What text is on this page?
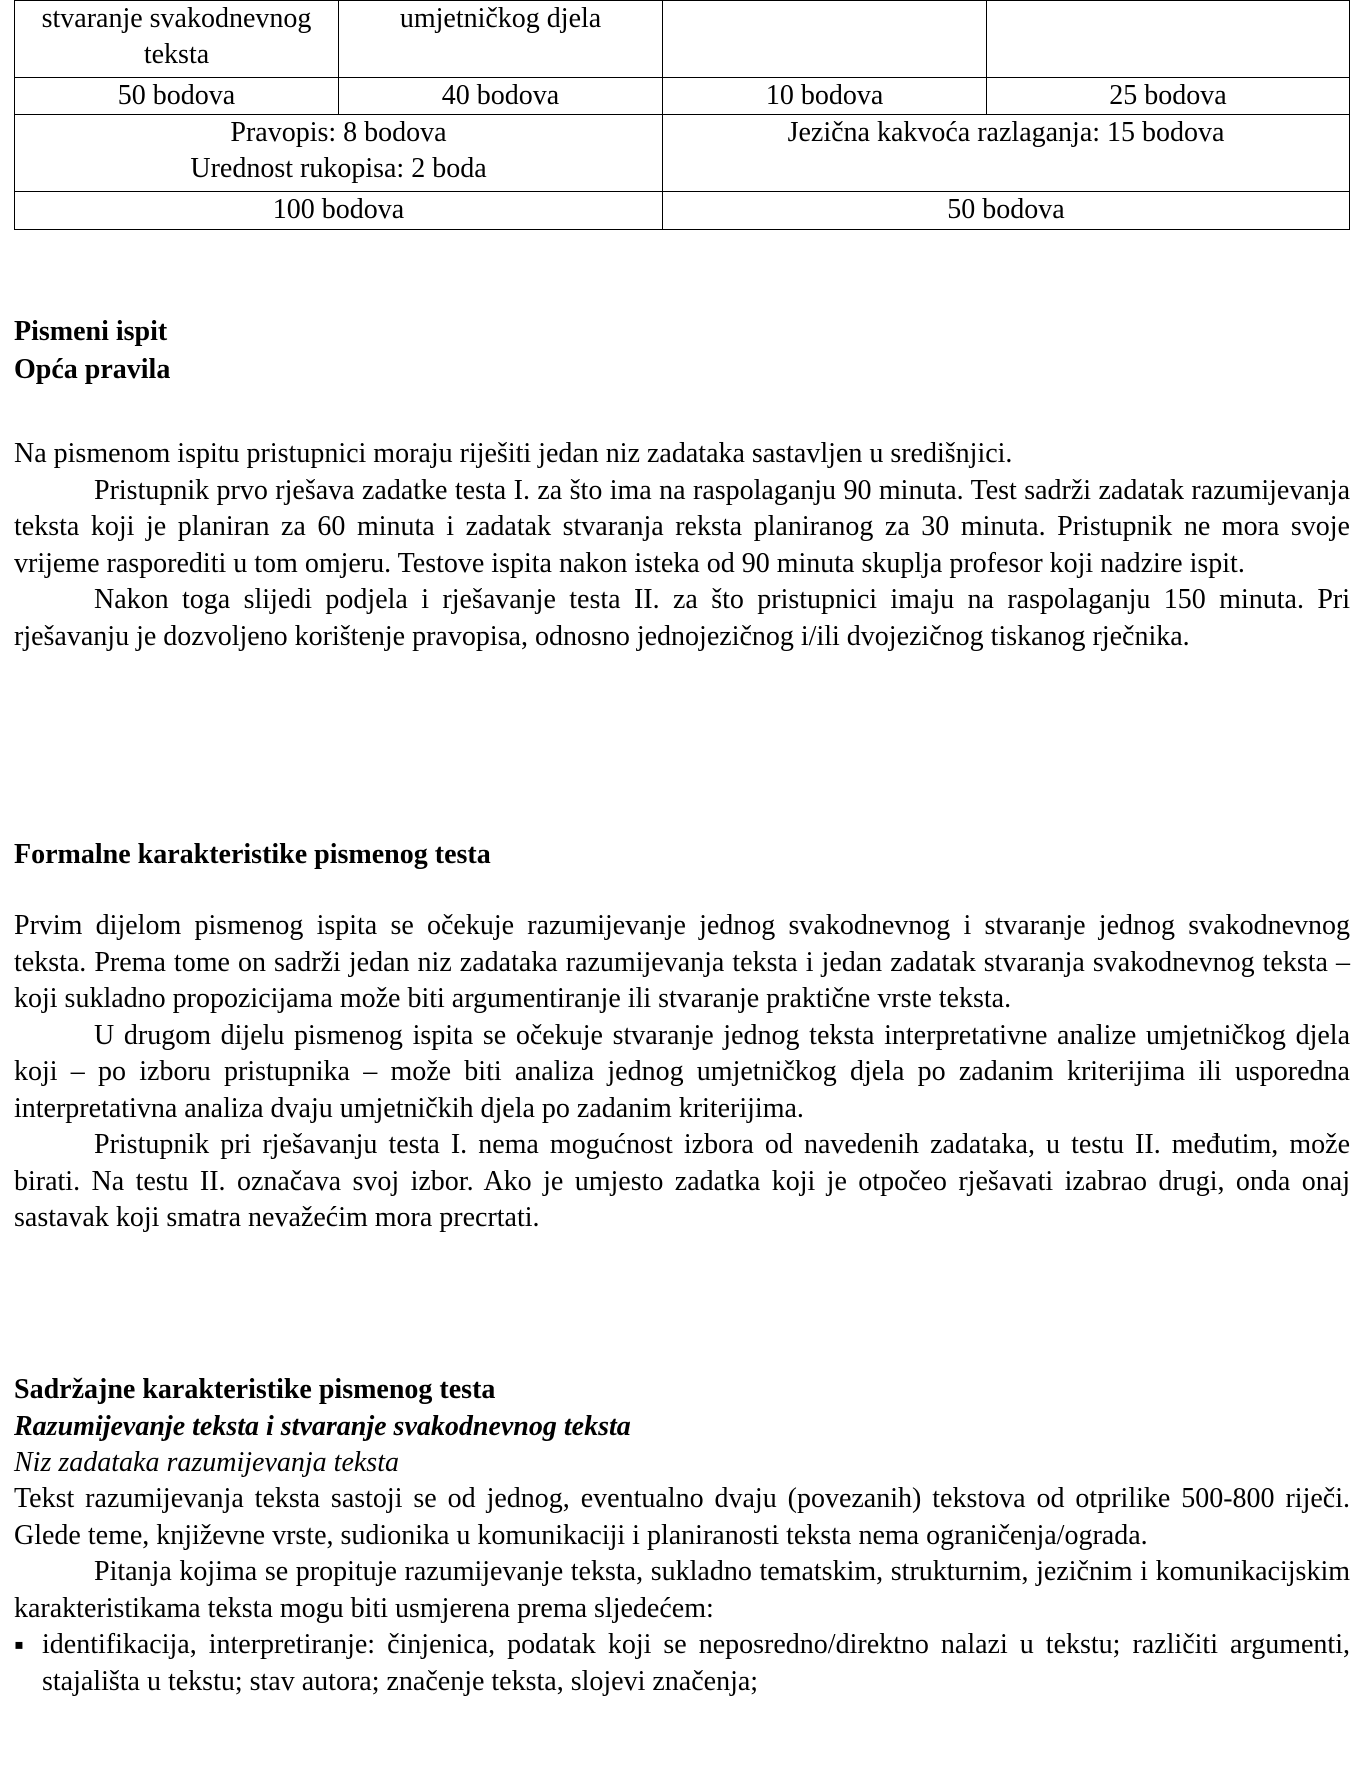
stvaranje svakodnevnog teksta	umjetničkog djela		
50 bodova	40 bodova	10 bodova	25 bodova

Pravopis: 8 bodova
Urednost rukopisa: 2 boda		Jezična kakvoća razlaganja: 15 bodova	
100 bodova		50 bodova	
Pismeni ispit
Opća pravila

Na pismenom ispitu pristupnici moraju riješiti jedan niz zadataka sastavljen u središnjici.

Pristupnik prvo rješava zadatke testa I. za što ima na raspolaganju 90 minuta. Test sadrži zadatak razumijevanja teksta koji je planiran za 60 minuta i zadatak stvaranja reksta planiranog za 30 minuta. Pristupnik ne mora svoje vrijeme rasporediti u tom omjeru. Testove ispita nakon isteka od 90 minuta skuplja profesor koji nadzire ispit.

Nakon toga slijedi podjela i rješavanje testa II. za što pristupnici imaju na raspolaganju 150 minuta. Pri rješavanju je dozvoljeno korištenje pravopisa, odnosno jednojezičnog i/ili dvojezičnog tiskanog rječnika.

Formalne karakteristike pismenog testa

Prvim dijelom pismenog ispita se očekuje razumijevanje jednog svakodnevnog i stvaranje jednog svakodnevnog teksta. Prema tome on sadrži jedan niz zadataka razumijevanja teksta i jedan zadatak stvaranja svakodnevnog teksta – koji sukladno propozicijama može biti argumentiranje ili stvaranje praktične vrste teksta.

U drugom dijelu pismenog ispita se očekuje stvaranje jednog teksta interpretativne analize umjetničkog djela koji – po izboru pristupnika – može biti analiza jednog umjetničkog djela po zadanim kriterijima ili usporedna interpretativna analiza dvaju umjetničkih djela po zadanim kriterijima.

Pristupnik pri rješavanju testa I. nema mogućnost izbora od navedenih zadataka, u testu II. međutim, može birati. Na testu II. označava svoj izbor. Ako je umjesto zadatka koji je otpočeo rješavati izabrao drugi, onda onaj sastavak koji smatra nevažećim mora precrtati.

Sadržajne karakteristike pismenog testa
Razumijevanje teksta i stvaranje svakodnevnog teksta
Niz zadataka razumijevanja teksta

Tekst razumijevanja teksta sastoji se od jednog, eventualno dvaju (povezanih) tekstova od otprilike 500-800 riječi. Glede teme, književne vrste, sudionika u komunikaciji i planiranosti teksta nema ograničenja/ograda.

Pitanja kojima se propituje razumijevanje teksta, sukladno tematskim, strukturnim, jezičnim i komunikacijskim karakteristikama teksta mogu biti usmjerena prema sljedećem:

▪ identifikacija, interpretiranje: činjenica, podatak koji se neposredno/direktno nalazi u tekstu; različiti argumenti, stajališta u tekstu; stav autora; značenje teksta, slojevi značenja;
